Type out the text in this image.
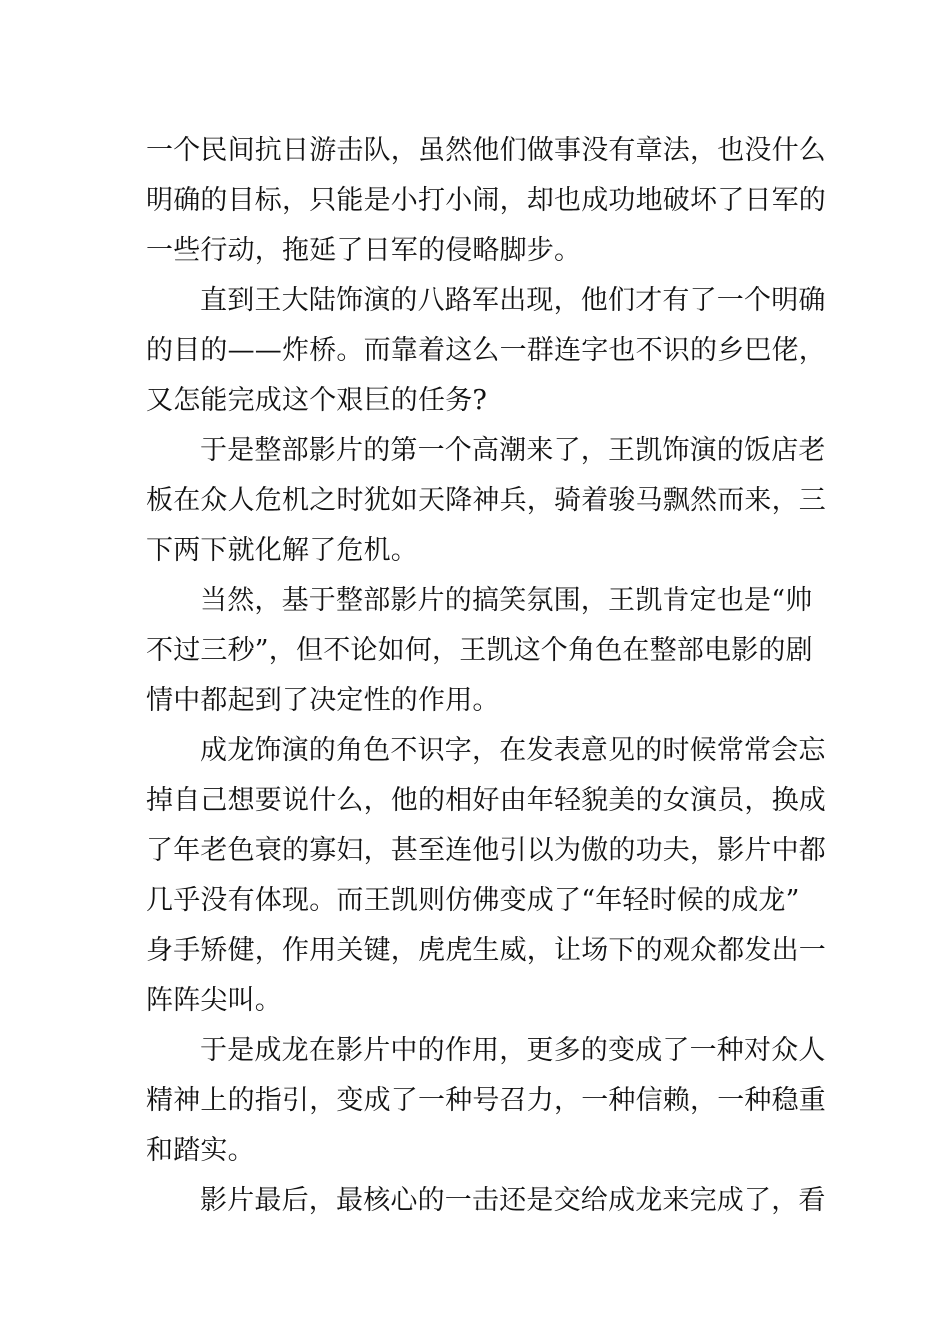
一个民间抗日游击队，虽然他们做事没有章法，也没什么
明确的目标，只能是小打小闹，却也成功地破坏了日军的
一些行动，拖延了日军的侵略脚步。
直到王大陆饰演的八路军出现，他们才有了一个明确
的目的——炸桥。而靠着这么一群连字也不识的乡巴佬，
又怎能完成这个艰巨的任务?
于是整部影片的第一个高潮来了，王凯饰演的饭店老
板在众人危机之时犹如天降神兵，骑着骏马飘然而来，三
下两下就化解了危机。
当然，基于整部影片的搞笑氛围，王凯肯定也是“帅
不过三秒”，但不论如何，王凯这个角色在整部电影的剧
情中都起到了决定性的作用。
成龙饰演的角色不识字，在发表意见的时候常常会忘
掉自己想要说什么，他的相好由年轻貌美的女演员，换成
了年老色衰的寡妇，甚至连他引以为傲的功夫，影片中都
几乎没有体现。而王凯则仿佛变成了“年轻时候的成龙”
身手矫健，作用关键，虎虎生威，让场下的观众都发出一
阵阵尖叫。
于是成龙在影片中的作用，更多的变成了一种对众人
精神上的指引，变成了一种号召力，一种信赖，一种稳重
和踏实。
影片最后，最核心的一击还是交给成龙来完成了，看
